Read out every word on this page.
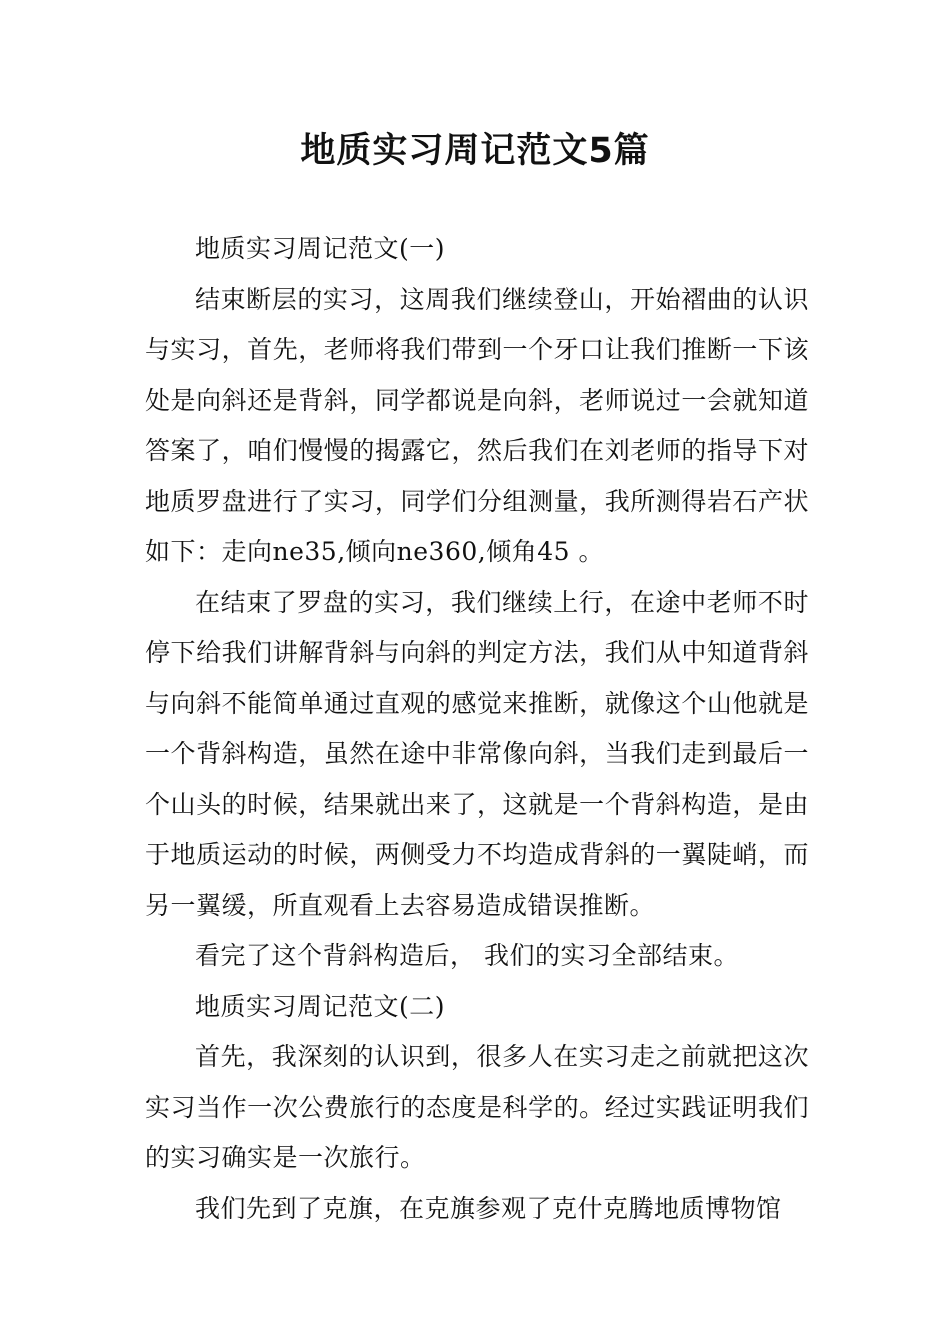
地质实习周记范文5篇

地质实习周记范文(一)

结束断层的实习，这周我们继续登山，开始褶曲的认识与实习，首先，老师将我们带到一个牙口让我们推断一下该处是向斜还是背斜，同学都说是向斜，老师说过一会就知道答案了，咱们慢慢的揭露它，然后我们在刘老师的指导下对地质罗盘进行了实习，同学们分组测量，我所测得岩石产状如下：走向ne35,倾向ne360,倾角45 。

在结束了罗盘的实习，我们继续上行，在途中老师不时停下给我们讲解背斜与向斜的判定方法，我们从中知道背斜与向斜不能简单通过直观的感觉来推断，就像这个山他就是一个背斜构造，虽然在途中非常像向斜，当我们走到最后一个山头的时候，结果就出来了，这就是一个背斜构造，是由于地质运动的时候，两侧受力不均造成背斜的一翼陡峭，而另一翼缓，所直观看上去容易造成错误推断。

看完了这个背斜构造后， 我们的实习全部结束。

地质实习周记范文(二)

首先，我深刻的认识到，很多人在实习走之前就把这次实习当作一次公费旅行的态度是科学的。经过实践证明我们的实习确实是一次旅行。

我们先到了克旗，在克旗参观了克什克腾地质博物馆
